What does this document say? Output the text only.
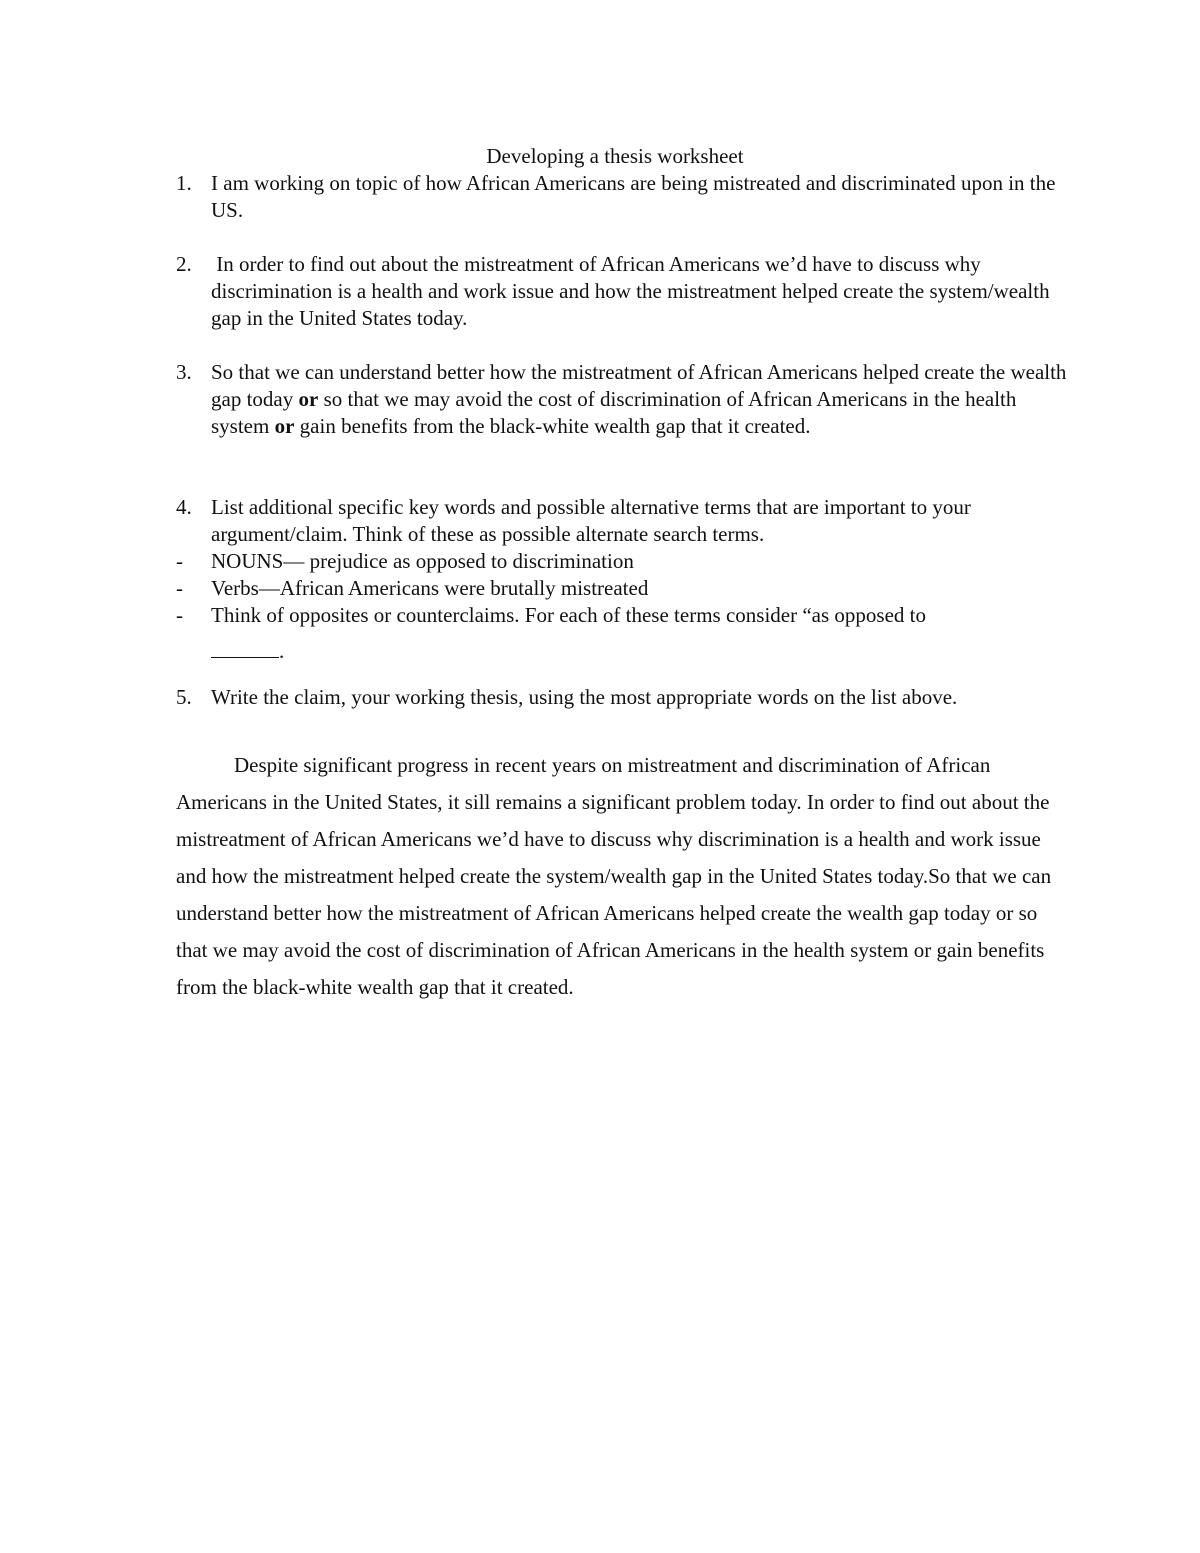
Developing a thesis worksheet
1. I am working on topic of how African Americans are being mistreated and discriminated upon in the US.
2. In order to find out about the mistreatment of African Americans we’d have to discuss why discrimination is a health and work issue and how the mistreatment helped create the system/wealth gap in the United States today.
3. So that we can understand better how the mistreatment of African Americans helped create the wealth gap today or so that we may avoid the cost of discrimination of African Americans in the health system or gain benefits from the black-white wealth gap that it created.
4. List additional specific key words and possible alternative terms that are important to your argument/claim. Think of these as possible alternate search terms.
- NOUNS— prejudice as opposed to discrimination
- Verbs—African Americans were brutally mistreated
- Think of opposites or counterclaims. For each of these terms consider “as opposed to
.
5. Write the claim, your working thesis, using the most appropriate words on the list above.

Despite significant progress in recent years on mistreatment and discrimination of African Americans in the United States, it sill remains a significant problem today. In order to find out about the mistreatment of African Americans we’d have to discuss why discrimination is a health and work issue and how the mistreatment helped create the system/wealth gap in the United States today.So that we can understand better how the mistreatment of African Americans helped create the wealth gap today or so that we may avoid the cost of discrimination of African Americans in the health system or gain benefits from the black-white wealth gap that it created.
